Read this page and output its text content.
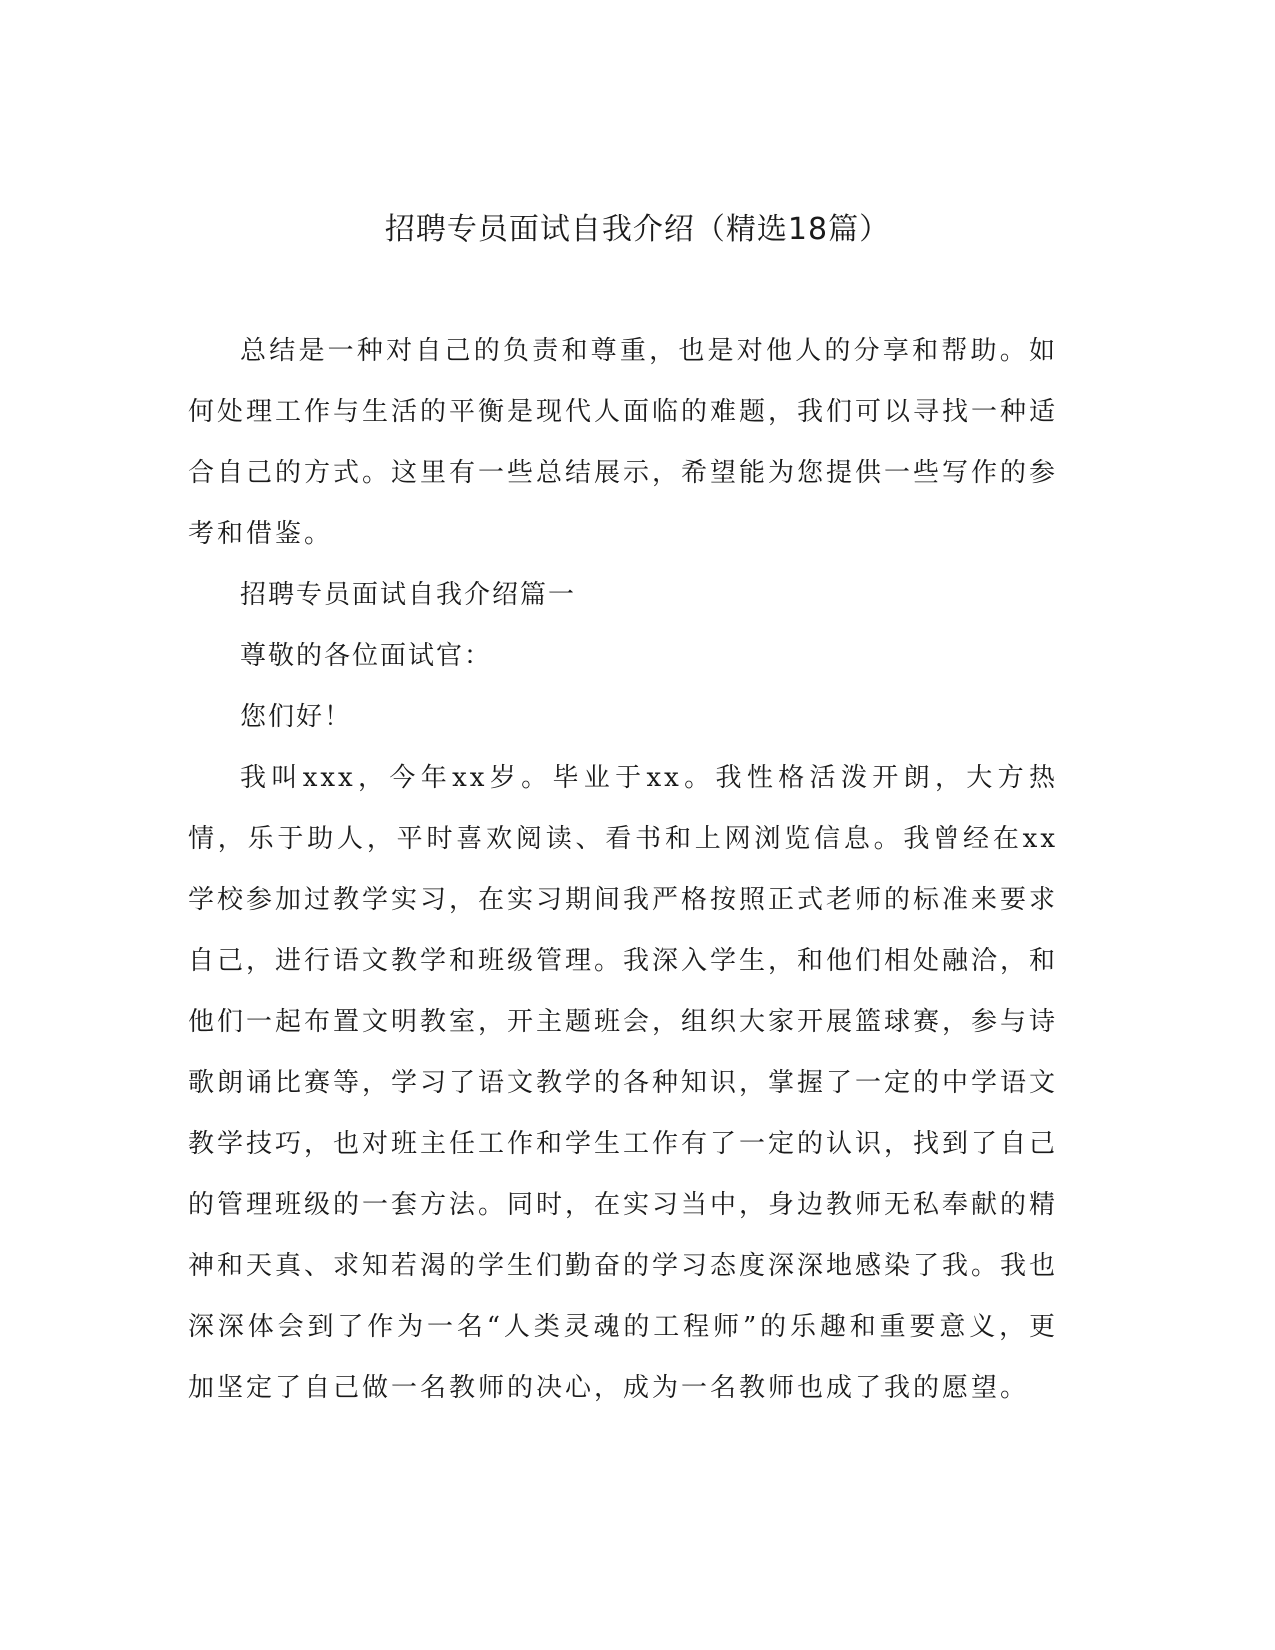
招聘专员面试自我介绍（精选18篇）

总结是一种对自己的负责和尊重，也是对他人的分享和帮助。如何处理工作与生活的平衡是现代人面临的难题，我们可以寻找一种适合自己的方式。这里有一些总结展示，希望能为您提供一些写作的参考和借鉴。

招聘专员面试自我介绍篇一

尊敬的各位面试官：

您们好！

我叫xxx，今年xx岁。毕业于xx。我性格活泼开朗，大方热情，乐于助人，平时喜欢阅读、看书和上网浏览信息。我曾经在xx学校参加过教学实习，在实习期间我严格按照正式老师的标准来要求自己，进行语文教学和班级管理。我深入学生，和他们相处融洽，和他们一起布置文明教室，开主题班会，组织大家开展篮球赛，参与诗歌朗诵比赛等，学习了语文教学的各种知识，掌握了一定的中学语文教学技巧，也对班主任工作和学生工作有了一定的认识，找到了自己的管理班级的一套方法。同时，在实习当中，身边教师无私奉献的精神和天真、求知若渴的学生们勤奋的学习态度深深地感染了我。我也深深体会到了作为一名“人类灵魂的工程师”的乐趣和重要意义，更加坚定了自己做一名教师的决心，成为一名教师也成了我的愿望。
